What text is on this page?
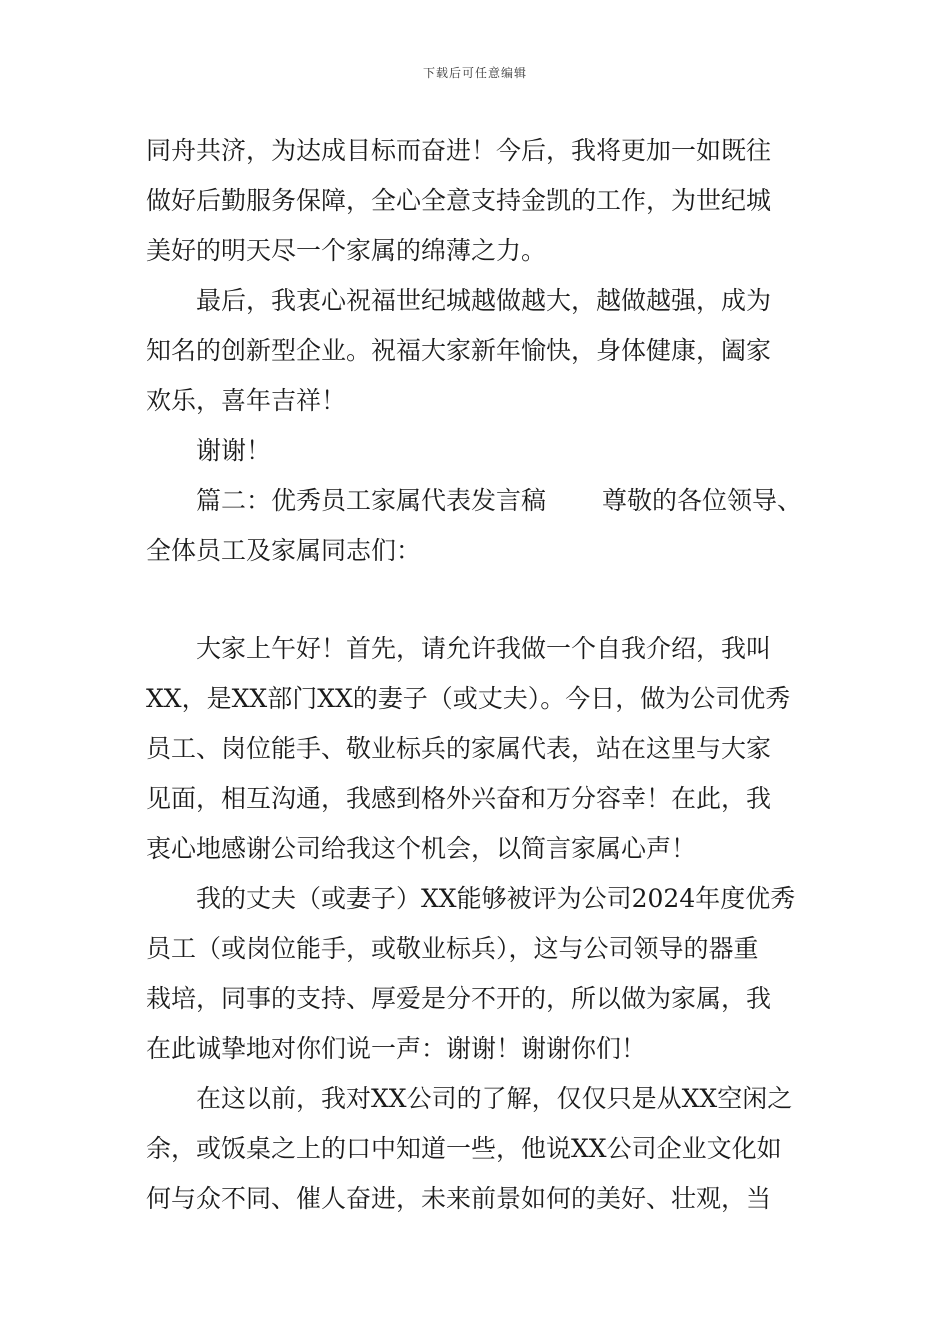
下载后可任意编辑
同舟共济，为达成目标而奋进！今后，我将更加一如既往
做好后勤服务保障，全心全意支持金凯的工作，为世纪城
美好的明天尽一个家属的绵薄之力。
最后，我衷心祝福世纪城越做越大，越做越强，成为
知名的创新型企业。祝福大家新年愉快，身体健康，阖家
欢乐，喜年吉祥！
谢谢！
篇二：优秀员工家属代表发言稿 尊敬的各位领导、
全体员工及家属同志们：
大家上午好！首先，请允许我做一个自我介绍，我叫
XX，是XX部门XX的妻子（或丈夫）。今日，做为公司优秀
员工、岗位能手、敬业标兵的家属代表，站在这里与大家
见面，相互沟通，我感到格外兴奋和万分容幸！在此，我
衷心地感谢公司给我这个机会，以简言家属心声！
我的丈夫（或妻子）XX能够被评为公司2024年度优秀
员工（或岗位能手，或敬业标兵），这与公司领导的器重
栽培，同事的支持、厚爱是分不开的，所以做为家属，我
在此诚挚地对你们说一声：谢谢！谢谢你们！
在这以前，我对XX公司的了解，仅仅只是从XX空闲之
余，或饭桌之上的口中知道一些，他说XX公司企业文化如
何与众不同、催人奋进，未来前景如何的美好、壮观，当
